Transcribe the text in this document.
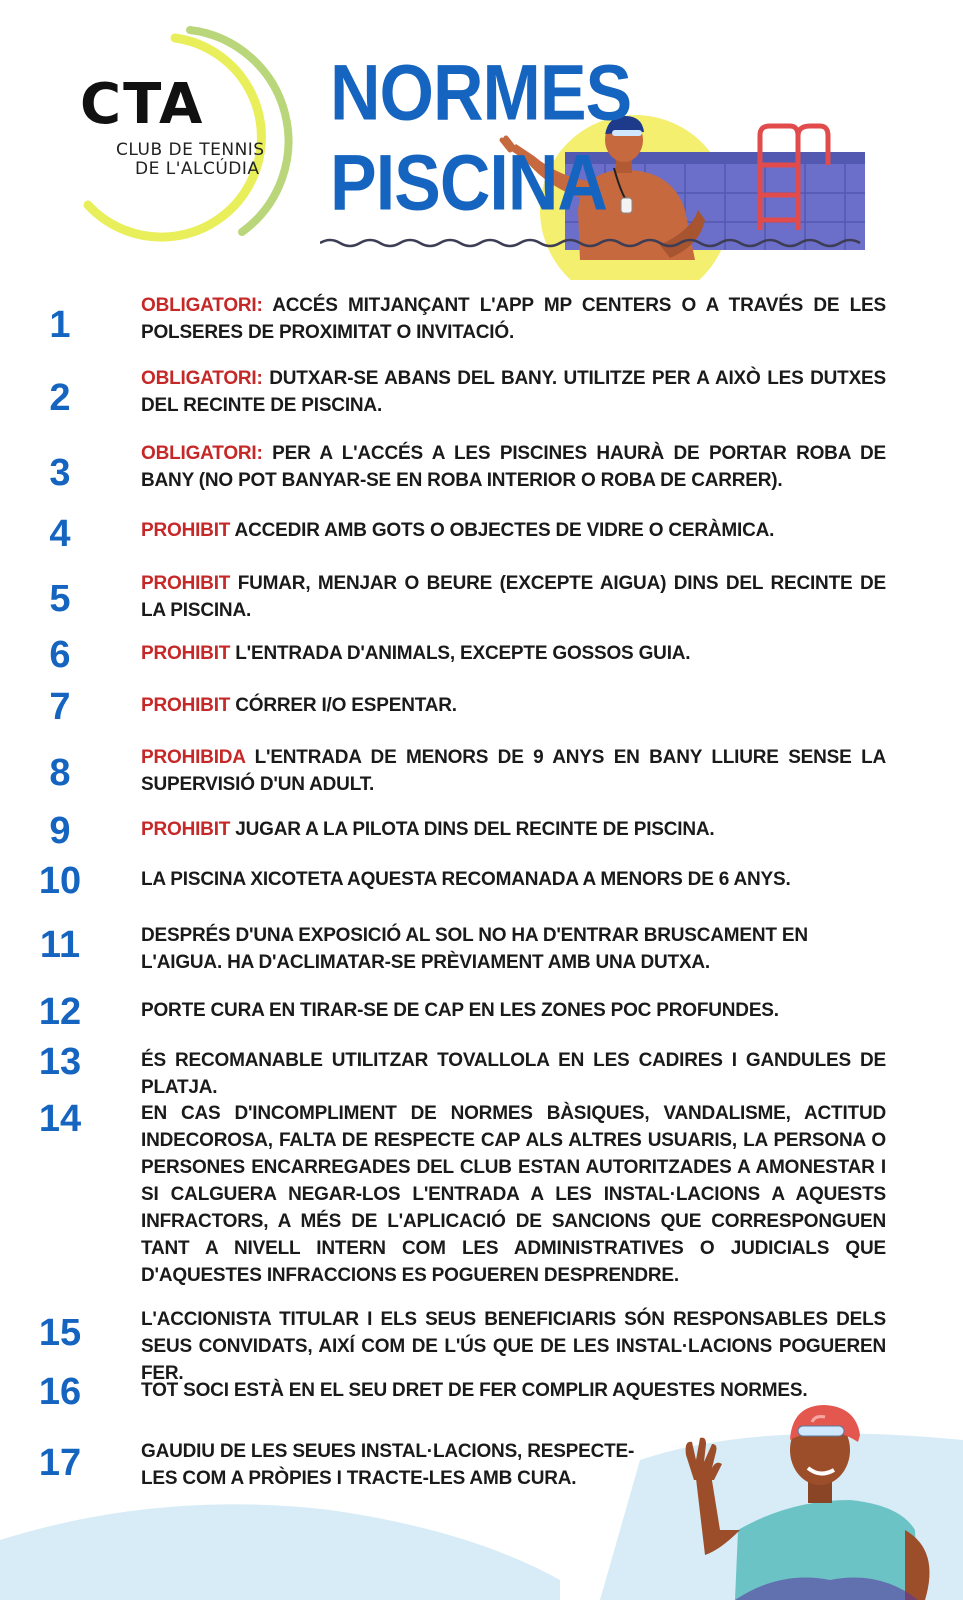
CTA
CLUB DE TENNIS
DE L'ALCÚDIA
NORMES PISCINA
1	OBLIGATORI: ACCÉS MITJANÇANT L'APP MP CENTERS O A TRAVÉS DE LES POLSERES DE PROXIMITAT O INVITACIÓ.
2	OBLIGATORI: DUTXAR-SE ABANS DEL BANY. UTILITZE PER A AIXÒ LES DUTXES DEL RECINTE DE PISCINA.
3	OBLIGATORI: PER A L'ACCÉS A LES PISCINES HAURÀ DE PORTAR ROBA DE BANY (NO POT BANYAR-SE EN ROBA INTERIOR O ROBA DE CARRER).
4	PROHIBIT ACCEDIR AMB GOTS O OBJECTES DE VIDRE O CERÀMICA.
5	PROHIBIT FUMAR, MENJAR O BEURE (EXCEPTE AIGUA) DINS DEL RECINTE DE LA PISCINA.
6	PROHIBIT L'ENTRADA D'ANIMALS, EXCEPTE GOSSOS GUIA.
7	PROHIBIT CÓRRER I/O ESPENTAR.
8	PROHIBIDA L'ENTRADA DE MENORS DE 9 ANYS EN BANY LLIURE SENSE LA SUPERVISIÓ D'UN ADULT.
9	PROHIBIT JUGAR A LA PILOTA DINS DEL RECINTE DE PISCINA.
10	LA PISCINA XICOTETA AQUESTA RECOMANADA A MENORS DE 6 ANYS.
11	DESPRÉS D'UNA EXPOSICIÓ AL SOL NO HA D'ENTRAR BRUSCAMENT EN L'AIGUA. HA D'ACLIMATAR-SE PRÈVIAMENT AMB UNA DUTXA.
12	PORTE CURA EN TIRAR-SE DE CAP EN LES ZONES POC PROFUNDES.
13	ÉS RECOMANABLE UTILITZAR TOVALLOLA EN LES CADIRES I GANDULES DE PLATJA.
14	EN CAS D'INCOMPLIMENT DE NORMES BÀSIQUES, VANDALISME, ACTITUD INDECOROSA, FALTA DE RESPECTE CAP ALS ALTRES USUARIS, LA PERSONA O PERSONES ENCARREGADES DEL CLUB ESTAN AUTORITZADES A AMONESTAR I SI CALGUERA NEGAR-LOS L'ENTRADA A LES INSTAL·LACIONS A AQUESTS INFRACTORS, A MÉS DE L'APLICACIÓ DE SANCIONS QUE CORRESPONGUEN TANT A NIVELL INTERN COM LES ADMINISTRATIVES O JUDICIALS QUE D'AQUESTES INFRACCIONS ES POGUEREN DESPRENDRE.
15	L'ACCIONISTA TITULAR I ELS SEUS BENEFICIARIS SÓN RESPONSABLES DELS SEUS CONVIDATS, AIXÍ COM DE L'ÚS QUE DE LES INSTAL·LACIONS POGUEREN FER.
16	TOT SOCI ESTÀ EN EL SEU DRET DE FER COMPLIR AQUESTES NORMES.
17	GAUDIU DE LES SEUES INSTAL·LACIONS, RESPECTE-LES COM A PRÒPIES I TRACTE-LES AMB CURA.
